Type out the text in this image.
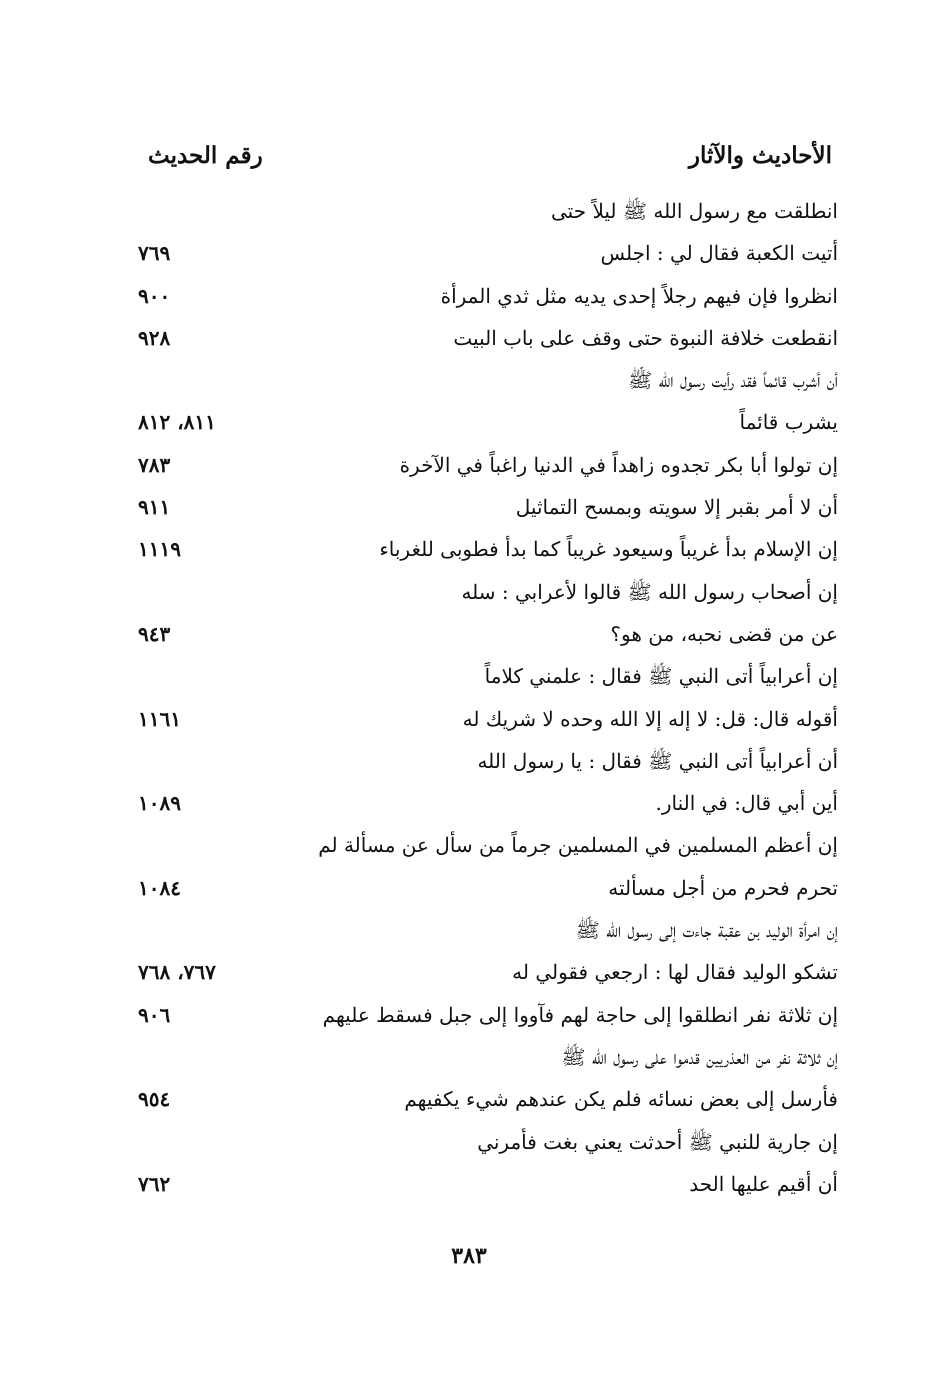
الأحاديث والآثار
رقم الحديث
انطلقت مع رسول الله ﷺ ليلاً حتى
أتيت الكعبة فقال لي : اجلس
٧٦٩
انظروا فإن فيهم رجلاً إحدى يديه مثل ثدي المرأة
٩٠٠
انقطعت خلافة النبوة حتى وقف على باب البيت
٩٢٨
أن أشرب قائماً فقد رأيت رسول الله ﷺ
يشرب قائماً
٨١١، ٨١٢
إن تولوا أبا بكر تجدوه زاهداً في الدنيا راغباً في الآخرة
٧٨٣
أن لا أمر بقبر إلا سويته وبمسح التماثيل
٩١١
إن الإسلام بدأ غريباً وسيعود غريباً كما بدأ فطوبى للغرباء
١١١٩
إن أصحاب رسول الله ﷺ قالوا لأعرابي : سله
عن من قضى نحبه، من هو؟
٩٤٣
إن أعرابياً أتى النبي ﷺ فقال : علمني كلاماً
أقوله قال: قل: لا إله إلا الله وحده لا شريك له
١١٦١
أن أعرابياً أتى النبي ﷺ فقال : يا رسول الله
أين أبي قال: في النار.
١٠٨٩
إن أعظم المسلمين في المسلمين جرماً من سأل عن مسألة لم
تحرم فحرم من أجل مسألته
١٠٨٤
إن امرأة الوليد بن عقبة جاءت إلى رسول الله ﷺ
تشكو الوليد فقال لها : ارجعي فقولي له
٧٦٧، ٧٦٨
إن ثلاثة نفر انطلقوا إلى حاجة لهم فآووا إلى جبل فسقط عليهم
٩٠٦
إن ثلاثة نفر من العذريين قدموا على رسول الله ﷺ
فأرسل إلى بعض نسائه فلم يكن عندهم شيء يكفيهم
٩٥٤
إن جارية للنبي ﷺ أحدثت يعني بغت فأمرني
أن أقيم عليها الحد
٧٦٢
٣٨٣
